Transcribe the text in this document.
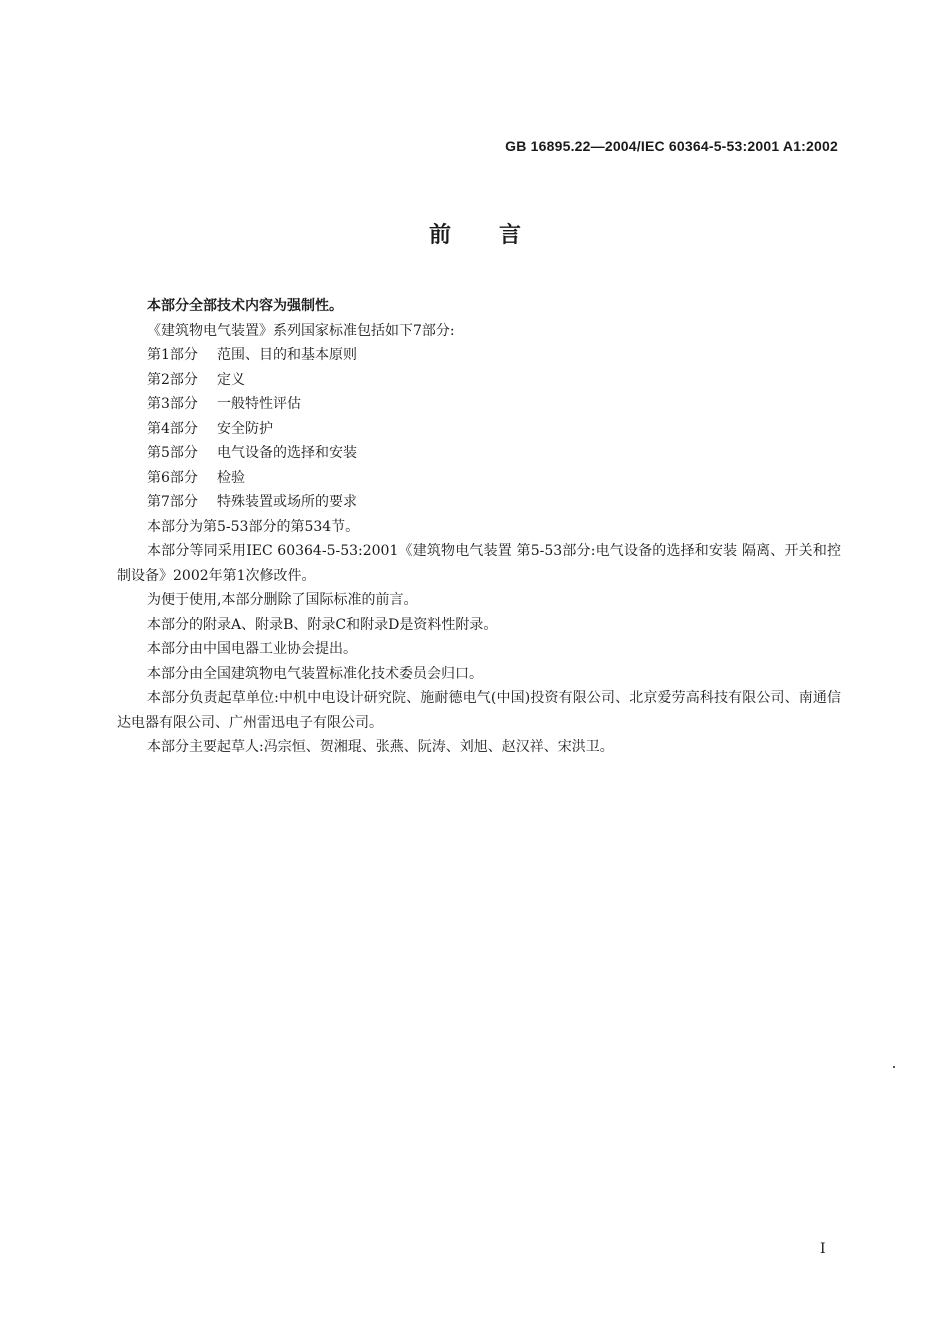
GB 16895.22—2004/IEC 60364-5-53:2001 A1:2002
前言

本部分全部技术内容为强制性。

《建筑物电气装置》系列国家标准包括如下7部分:

第1部分 范围、目的和基本原则

第2部分 定义

第3部分 一般特性评估

第4部分 安全防护

第5部分 电气设备的选择和安装

第6部分 检验

第7部分 特殊装置或场所的要求

本部分为第5-53部分的第534节。

本部分等同采用IEC 60364-5-53:2001《建筑物电气装置 第5-53部分:电气设备的选择和安装 隔离、开关和控制设备》2002年第1次修改件。

为便于使用,本部分删除了国际标准的前言。

本部分的附录A、附录B、附录C和附录D是资料性附录。

本部分由中国电器工业协会提出。

本部分由全国建筑物电气装置标准化技术委员会归口。

本部分负责起草单位:中机中电设计研究院、施耐德电气(中国)投资有限公司、北京爱劳高科技有限公司、南通信达电器有限公司、广州雷迅电子有限公司。

本部分主要起草人:冯宗恒、贺湘琨、张燕、阮涛、刘旭、赵汉祥、宋洪卫。

I
